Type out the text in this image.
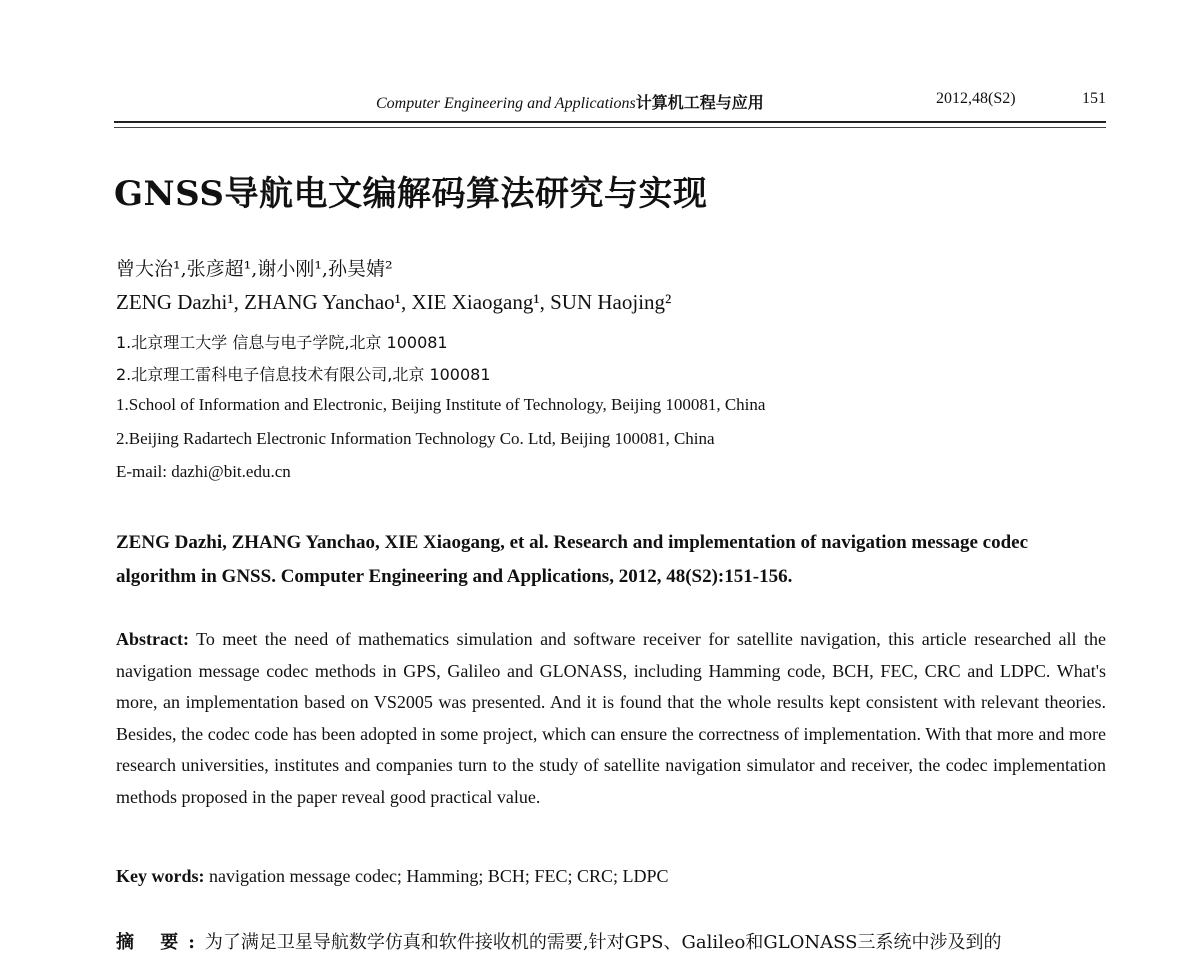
Computer Engineering and Applications计算机工程与应用	2012,48(S2)	151
GNSS导航电文编解码算法研究与实现
曾大治¹,张彦超¹,谢小刚¹,孙昊婧²
ZENG Dazhi¹, ZHANG Yanchao¹, XIE Xiaogang¹, SUN Haojing²
1.北京理工大学 信息与电子学院,北京 100081
2.北京理工雷科电子信息技术有限公司,北京 100081
1.School of Information and Electronic, Beijing Institute of Technology, Beijing 100081, China
2.Beijing Radartech Electronic Information Technology Co. Ltd, Beijing 100081, China
E-mail: dazhi@bit.edu.cn
ZENG Dazhi, ZHANG Yanchao, XIE Xiaogang, et al. Research and implementation of navigation message codec algorithm in GNSS. Computer Engineering and Applications, 2012, 48(S2):151-156.
Abstract: To meet the need of mathematics simulation and software receiver for satellite navigation, this article researched all the navigation message codec methods in GPS, Galileo and GLONASS, including Hamming code, BCH, FEC, CRC and LDPC. What's more, an implementation based on VS2005 was presented. And it is found that the whole results kept consistent with relevant theories. Besides, the codec code has been adopted in some project, which can ensure the correctness of implementation. With that more and more research universities, institutes and companies turn to the study of satellite navigation simulator and receiver, the codec implementation methods proposed in the paper reveal good practical value.
Key words: navigation message codec; Hamming; BCH; FEC; CRC; LDPC
摘 要:为了满足卫星导航数学仿真和软件接收机的需要,针对GPS、Galileo和GLONASS三系统中涉及到的
